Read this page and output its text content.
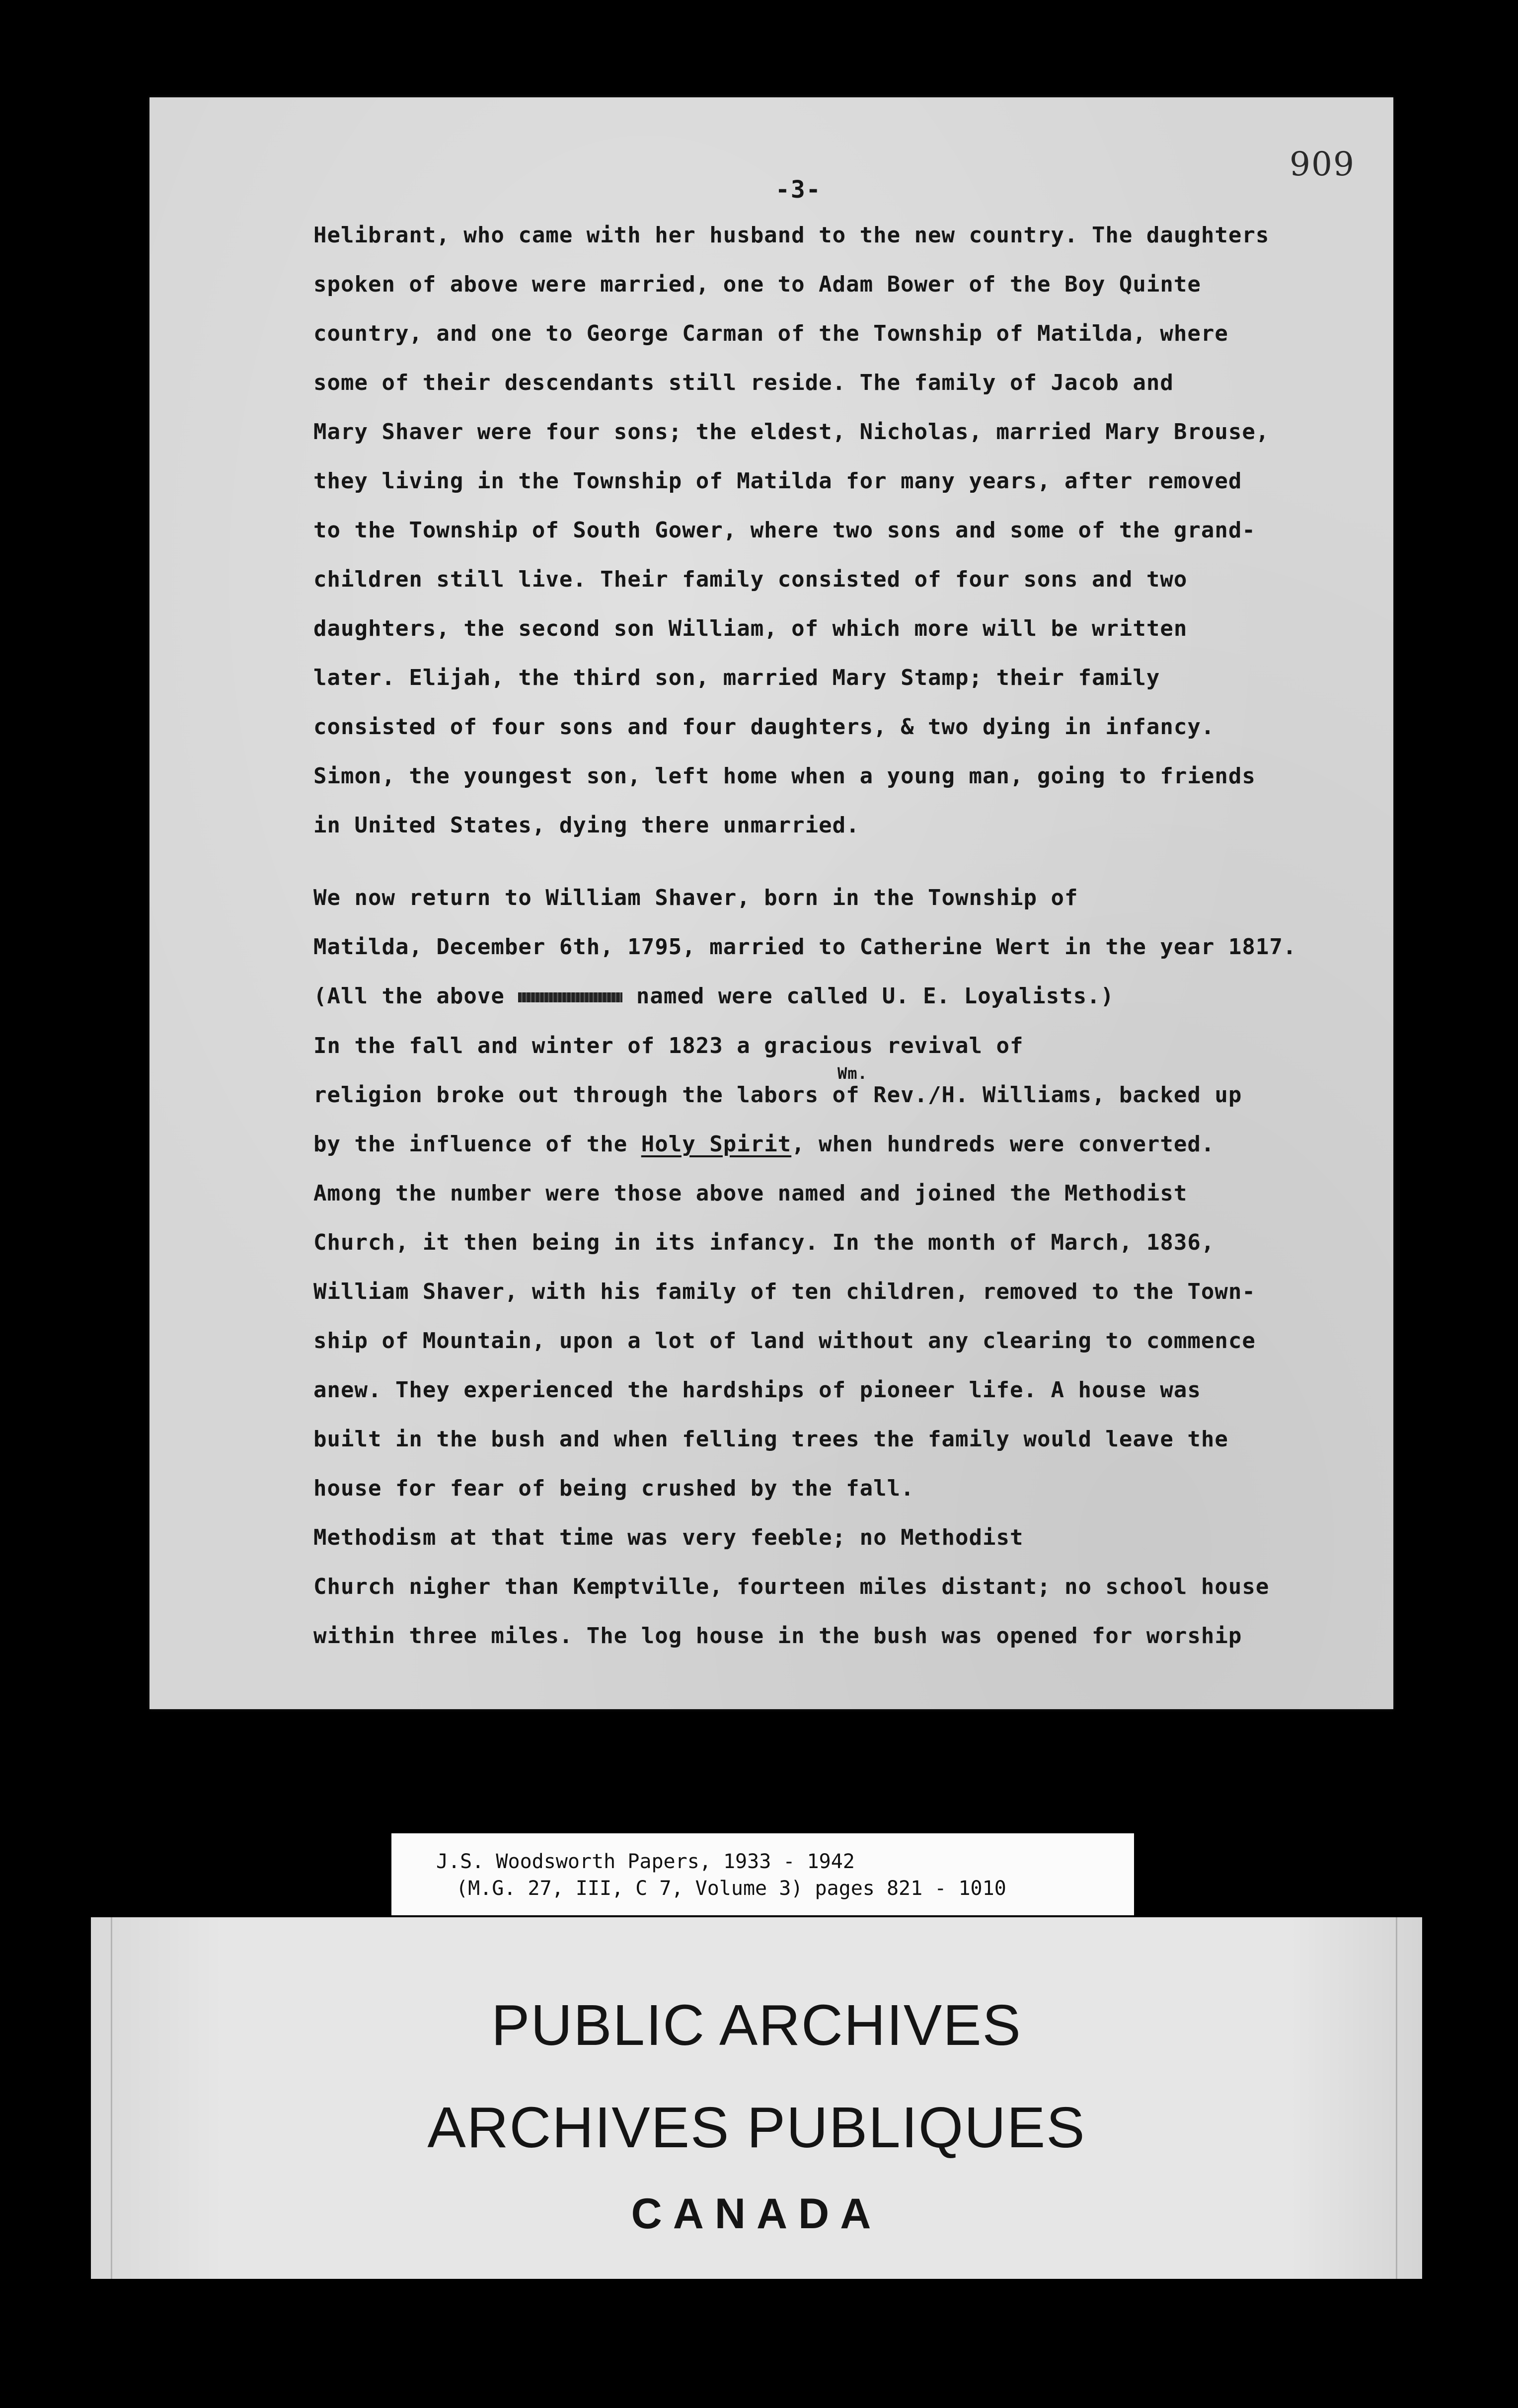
909
-3-
Helibrant, who came with her husband to the new country. The daughters
spoken of above were married, one to Adam Bower of the Boy Quinte
country, and one to George Carman of the Township of Matilda, where
some of their descendants still reside. The family of Jacob and
Mary Shaver were four sons; the eldest, Nicholas, married Mary Brouse,
they living in the Township of Matilda for many years, after removed
to the Township of South Gower, where two sons and some of the grand-
children still live. Their family consisted of four sons and two
daughters, the second son William, of which more will be written
later. Elijah, the third son, married Mary Stamp; their family
consisted of four sons and four daughters, & two dying in infancy.
Simon, the youngest son, left home when a young man, going to friends
in United States, dying there unmarried.
We now return to William Shaver, born in the Township of
Matilda, December 6th, 1795, married to Catherine Wert in the year 1817.
(All the above	named were called U. E. Loyalists.)
In the fall and winter of 1823 a gracious revival of
Wm.
religion broke out through the labors of Rev./H. Williams, backed up
by the influence of the Holy Spirit, when hundreds were converted.
Among the number were those above named and joined the Methodist
Church, it then being in its infancy. In the month of March, 1836,
William Shaver, with his family of ten children, removed to the Town-
ship of Mountain, upon a lot of land without any clearing to commence
anew. They experienced the hardships of pioneer life. A house was
built in the bush and when felling trees the family would leave the
house for fear of being crushed by the fall.
Methodism at that time was very feeble; no Methodist
Church nigher than Kemptville, fourteen miles distant; no school house
within three miles. The log house in the bush was opened for worship
J.S. Woodsworth Papers, 1933 - 1942
(M.G. 27, III, C 7, Volume 3) pages 821 - 1010
PUBLIC ARCHIVES
ARCHIVES PUBLIQUES
CANADA
